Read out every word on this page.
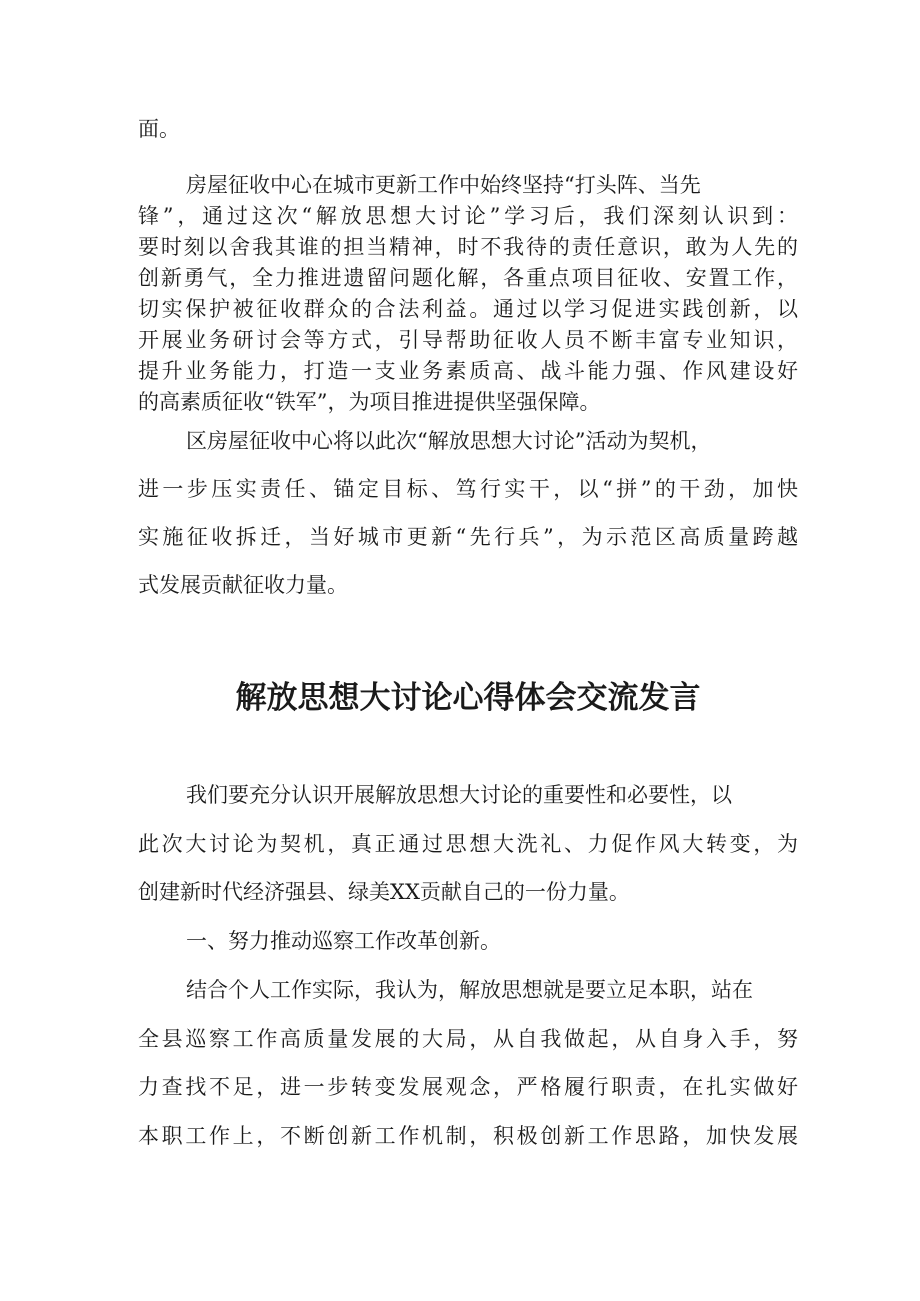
面。

房屋征收中心在城市更新工作中始终坚持“打头阵、当先

锋”，通过这次“解放思想大讨论”学习后，我们深刻认识到：

要时刻以舍我其谁的担当精神，时不我待的责任意识，敢为人先的

创新勇气，全力推进遗留问题化解，各重点项目征收、安置工作，

切实保护被征收群众的合法利益。通过以学习促进实践创新，以

开展业务研讨会等方式，引导帮助征收人员不断丰富专业知识，

提升业务能力，打造一支业务素质高、战斗能力强、作风建设好

的高素质征收“铁军”，为项目推进提供坚强保障。

区房屋征收中心将以此次“解放思想大讨论”活动为契机，

进一步压实责任、锚定目标、笃行实干，以“拼”的干劲，加快

实施征收拆迁，当好城市更新“先行兵”，为示范区高质量跨越

式发展贡献征收力量。

解放思想大讨论心得体会交流发言

我们要充分认识开展解放思想大讨论的重要性和必要性，以

此次大讨论为契机，真正通过思想大洗礼、力促作风大转变，为

创建新时代经济强县、绿美XX贡献自己的一份力量。

一、努力推动巡察工作改革创新。

结合个人工作实际，我认为，解放思想就是要立足本职，站在

全县巡察工作高质量发展的大局，从自我做起，从自身入手，努

力查找不足，进一步转变发展观念，严格履行职责，在扎实做好

本职工作上，不断创新工作机制，积极创新工作思路，加快发展
